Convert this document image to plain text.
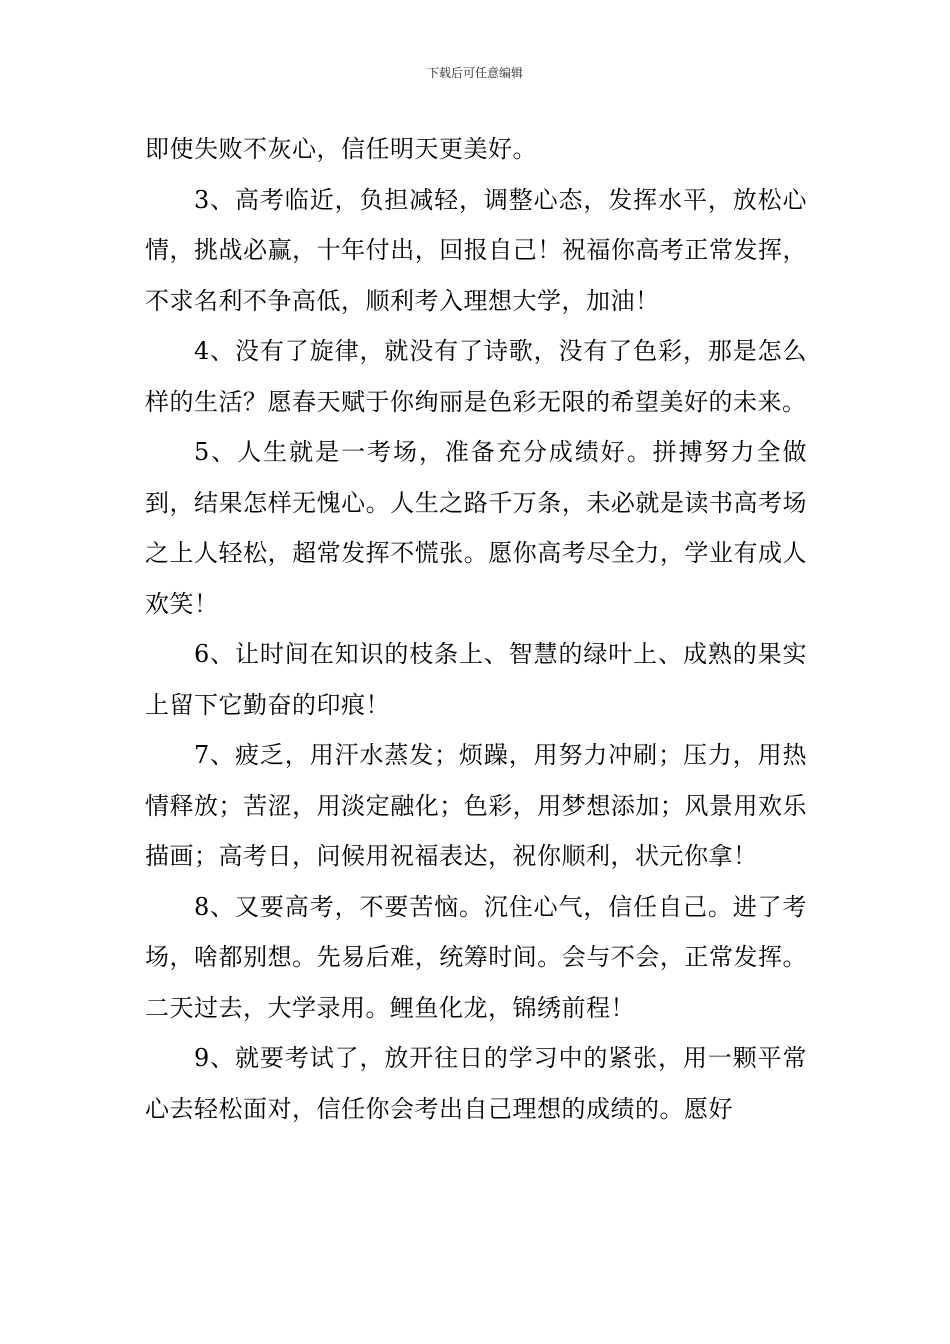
下载后可任意编辑

即使失败不灰心，信任明天更美好。

3、高考临近，负担减轻，调整心态，发挥水平，放松心情，挑战必赢，十年付出，回报自己！祝福你高考正常发挥，不求名利不争高低，顺利考入理想大学，加油！

4、没有了旋律，就没有了诗歌，没有了色彩，那是怎么样的生活？愿春天赋于你绚丽是色彩无限的希望美好的未来。

5、人生就是一考场，准备充分成绩好。拼搏努力全做到，结果怎样无愧心。人生之路千万条，未必就是读书高考场之上人轻松，超常发挥不慌张。愿你高考尽全力，学业有成人欢笑！

6、让时间在知识的枝条上、智慧的绿叶上、成熟的果实上留下它勤奋的印痕！

7、疲乏，用汗水蒸发；烦躁，用努力冲刷；压力，用热情释放；苦涩，用淡定融化；色彩，用梦想添加；风景用欢乐描画；高考日，问候用祝福表达，祝你顺利，状元你拿！

8、又要高考，不要苦恼。沉住心气，信任自己。进了考场，啥都别想。先易后难，统筹时间。会与不会，正常发挥。二天过去，大学录用。鲤鱼化龙，锦绣前程！

9、就要考试了，放开往日的学习中的紧张，用一颗平常心去轻松面对，信任你会考出自己理想的成绩的。愿好
